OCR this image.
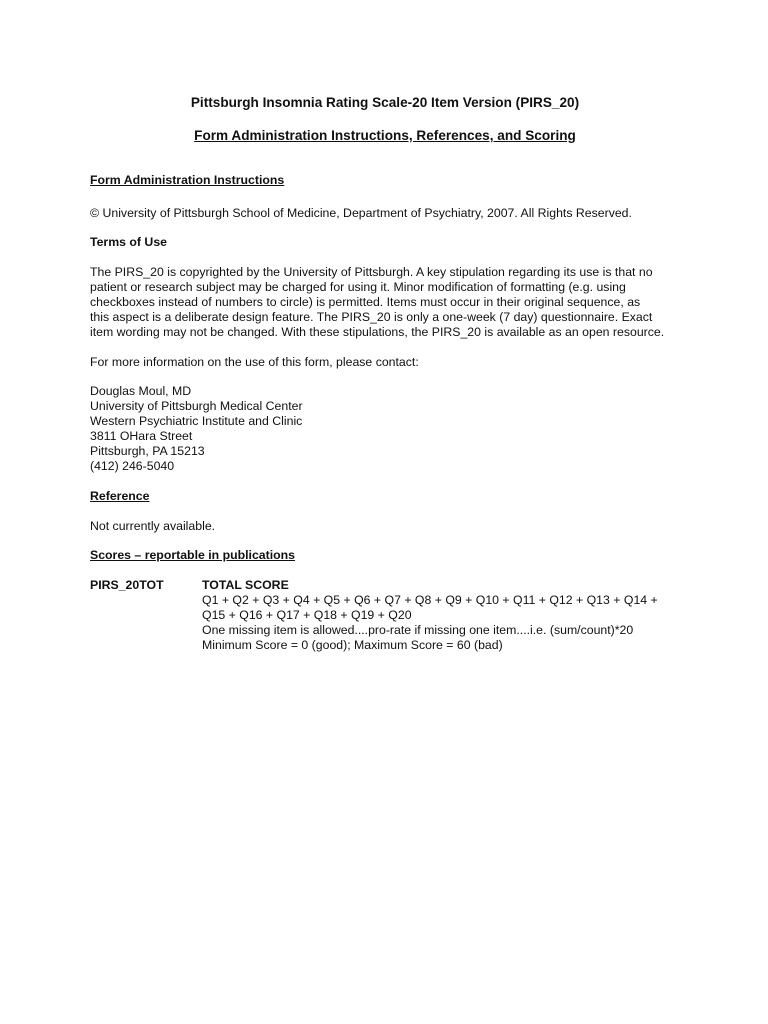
Pittsburgh Insomnia Rating Scale-20 Item Version (PIRS_20)

Form Administration Instructions, References, and Scoring

Form Administration Instructions

© University of Pittsburgh School of Medicine, Department of Psychiatry, 2007. All Rights Reserved.

Terms of Use

The PIRS_20 is copyrighted by the University of Pittsburgh. A key stipulation regarding its use is that no
patient or research subject may be charged for using it. Minor modification of formatting (e.g. using
checkboxes instead of numbers to circle) is permitted. Items must occur in their original sequence, as
this aspect is a deliberate design feature. The PIRS_20 is only a one-week (7 day) questionnaire. Exact
item wording may not be changed. With these stipulations, the PIRS_20 is available as an open resource.

For more information on the use of this form, please contact:

Douglas Moul, MD
University of Pittsburgh Medical Center
Western Psychiatric Institute and Clinic
3811 OHara Street
Pittsburgh, PA 15213
(412) 246-5040

Reference

Not currently available.

Scores – reportable in publications

PIRS_20TOT	TOTAL SCORE
Q1 + Q2 + Q3 + Q4 + Q5 + Q6 + Q7 + Q8 + Q9 + Q10 + Q11 + Q12 + Q13 + Q14 +
Q15 + Q16 + Q17 + Q18 + Q19 + Q20
One missing item is allowed....pro-rate if missing one item....i.e. (sum/count)*20
Minimum Score = 0 (good); Maximum Score = 60 (bad)
